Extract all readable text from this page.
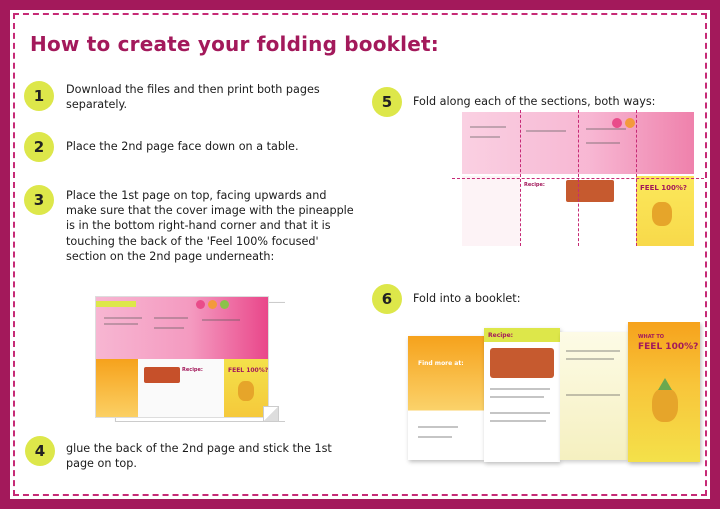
How to create your folding booklet:
1	Download the files and then print both pages separately.
2	Place the 2nd page face down on a table.
3	Place the 1st page on top, facing upwards and make sure that the cover image with the pineapple is in the bottom right-hand corner and that it is touching the back of the 'Feel 100% focused' section on the 2nd page underneath:
Recipe:	FEEL 100%?
4	glue the back of the 2nd page and stick the 1st page on top.
5	Fold along each of the sections, both ways:
Recipe:	FEEL 100%?
6	Fold into a booklet:
Find more at:
Recipe:	WHAT TO
FEEL 100%?
